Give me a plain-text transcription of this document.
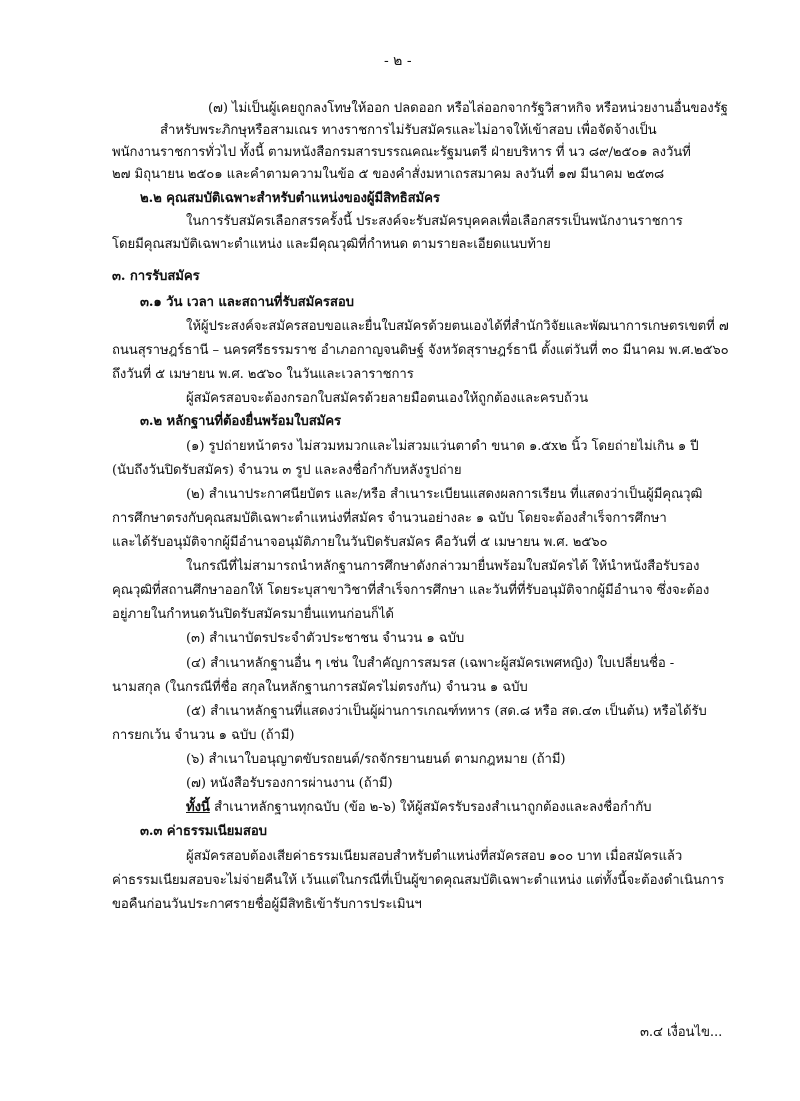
- ๒ -
(๗) ไม่เป็นผู้เคยถูกลงโทษให้ออก ปลดออก หรือไล่ออกจากรัฐวิสาหกิจ หรือหน่วยงานอื่นของรัฐ
สำหรับพระภิกษุหรือสามเณร ทางราชการไม่รับสมัครและไม่อาจให้เข้าสอบ เพื่อจัดจ้างเป็น
พนักงานราชการทั่วไป ทั้งนี้ ตามหนังสือกรมสารบรรณคณะรัฐมนตรี ฝ่ายบริหาร ที่ นว ๘๙/๒๕๐๑ ลงวันที่
๒๗ มิถุนายน ๒๕๐๑ และคำตามความในข้อ ๕ ของคำสั่งมหาเถรสมาคม ลงวันที่ ๑๗ มีนาคม ๒๕๓๘
๒.๒ คุณสมบัติเฉพาะสำหรับตำแหน่งของผู้มีสิทธิสมัคร
ในการรับสมัครเลือกสรรครั้งนี้ ประสงค์จะรับสมัครบุคคลเพื่อเลือกสรรเป็นพนักงานราชการ
โดยมีคุณสมบัติเฉพาะตำแหน่ง และมีคุณวุฒิที่กำหนด ตามรายละเอียดแนบท้าย
๓. การรับสมัคร
๓.๑ วัน เวลา และสถานที่รับสมัครสอบ
ให้ผู้ประสงค์จะสมัครสอบขอและยื่นใบสมัครด้วยตนเองได้ที่สำนักวิจัยและพัฒนาการเกษตรเขตที่ ๗
ถนนสุราษฎร์ธานี – นครศรีธรรมราช อำเภอกาญจนดิษฐ์ จังหวัดสุราษฎร์ธานี ตั้งแต่วันที่ ๓๐ มีนาคม พ.ศ.๒๕๖๐
ถึงวันที่ ๕ เมษายน พ.ศ. ๒๕๖๐ ในวันและเวลาราชการ
ผู้สมัครสอบจะต้องกรอกใบสมัครด้วยลายมือตนเองให้ถูกต้องและครบถ้วน
๓.๒ หลักฐานที่ต้องยื่นพร้อมใบสมัคร
(๑) รูปถ่ายหน้าตรง ไม่สวมหมวกและไม่สวมแว่นตาดำ ขนาด ๑.๕x๒ นิ้ว โดยถ่ายไม่เกิน ๑ ปี
(นับถึงวันปิดรับสมัคร) จำนวน ๓ รูป และลงชื่อกำกับหลังรูปถ่าย
(๒) สำเนาประกาศนียบัตร และ/หรือ สำเนาระเบียนแสดงผลการเรียน ที่แสดงว่าเป็นผู้มีคุณวุฒิ
การศึกษาตรงกับคุณสมบัติเฉพาะตำแหน่งที่สมัคร จำนวนอย่างละ ๑ ฉบับ โดยจะต้องสำเร็จการศึกษา
และได้รับอนุมัติจากผู้มีอำนาจอนุมัติภายในวันปิดรับสมัคร คือวันที่ ๕ เมษายน พ.ศ. ๒๕๖๐
ในกรณีที่ไม่สามารถนำหลักฐานการศึกษาดังกล่าวมายื่นพร้อมใบสมัครได้ ให้นำหนังสือรับรอง
คุณวุฒิที่สถานศึกษาออกให้ โดยระบุสาขาวิชาที่สำเร็จการศึกษา และวันที่ที่รับอนุมัติจากผู้มีอำนาจ ซึ่งจะต้อง
อยู่ภายในกำหนดวันปิดรับสมัครมายื่นแทนก่อนก็ได้
(๓) สำเนาบัตรประจำตัวประชาชน จำนวน ๑ ฉบับ
(๔) สำเนาหลักฐานอื่น ๆ เช่น ใบสำคัญการสมรส (เฉพาะผู้สมัครเพศหญิง) ใบเปลี่ยนชื่อ -
นามสกุล (ในกรณีที่ชื่อ สกุลในหลักฐานการสมัครไม่ตรงกัน) จำนวน ๑ ฉบับ
(๕) สำเนาหลักฐานที่แสดงว่าเป็นผู้ผ่านการเกณฑ์ทหาร (สด.๘ หรือ สด.๔๓ เป็นต้น) หรือได้รับ
การยกเว้น จำนวน ๑ ฉบับ (ถ้ามี)
(๖) สำเนาใบอนุญาตขับรถยนต์/รถจักรยานยนต์ ตามกฎหมาย (ถ้ามี)
(๗) หนังสือรับรองการผ่านงาน (ถ้ามี)
ทั้งนี้ สำเนาหลักฐานทุกฉบับ (ข้อ ๒-๖) ให้ผู้สมัครรับรองสำเนาถูกต้องและลงชื่อกำกับ
๓.๓ ค่าธรรมเนียมสอบ
ผู้สมัครสอบต้องเสียค่าธรรมเนียมสอบสำหรับตำแหน่งที่สมัครสอบ ๑๐๐ บาท เมื่อสมัครแล้ว
ค่าธรรมเนียมสอบจะไม่จ่ายคืนให้ เว้นแต่ในกรณีที่เป็นผู้ขาดคุณสมบัติเฉพาะตำแหน่ง แต่ทั้งนี้จะต้องดำเนินการ
ขอคืนก่อนวันประกาศรายชื่อผู้มีสิทธิเข้ารับการประเมินฯ
๓.๔ เงื่อนไข...
